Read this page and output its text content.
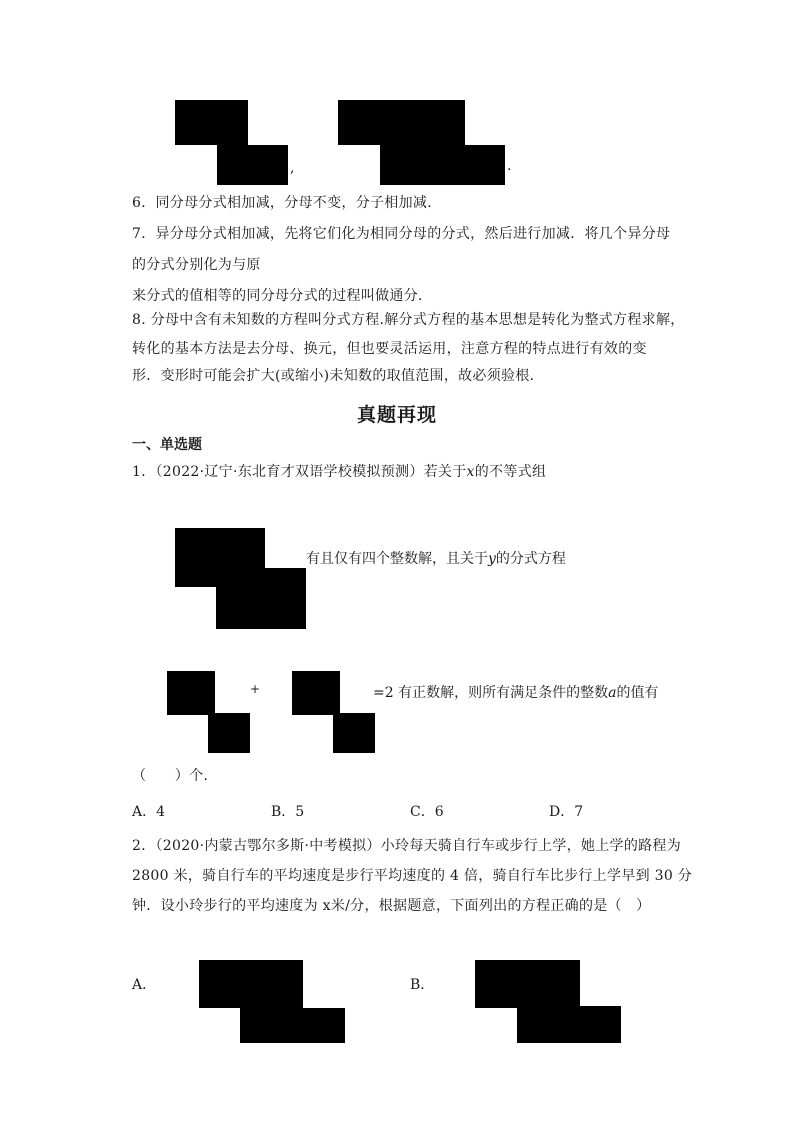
,	.
6．同分母分式相加减，分母不变，分子相加减．
7．异分母分式相加减，先将它们化为相同分母的分式，然后进行加减．将几个异分母
的分式分别化为与原
来分式的值相等的同分母分式的过程叫做通分．
8. 分母中含有未知数的方程叫分式方程.解分式方程的基本思想是转化为整式方程求解，
转化的基本方法是去分母、换元，但也要灵活运用，注意方程的特点进行有效的变
形．变形时可能会扩大(或缩小)未知数的取值范围，故必须验根．
真题再现
一、单选题
1．（2022·辽宁·东北育才双语学校模拟预测）若关于x的不等式组
有且仅有四个整数解，且关于y的分式方程
+	=2 有正数解，则所有满足条件的整数a的值有
（　　）个．
A．4	B．5	C．6	D．7
2．（2020·内蒙古鄂尔多斯·中考模拟）小玲每天骑自行车或步行上学，她上学的路程为
2800 米，骑自行车的平均速度是步行平均速度的 4 倍，骑自行车比步行上学早到 30 分
钟．设小玲步行的平均速度为 x米/分，根据题意，下面列出的方程正确的是（　）
A．	B．
